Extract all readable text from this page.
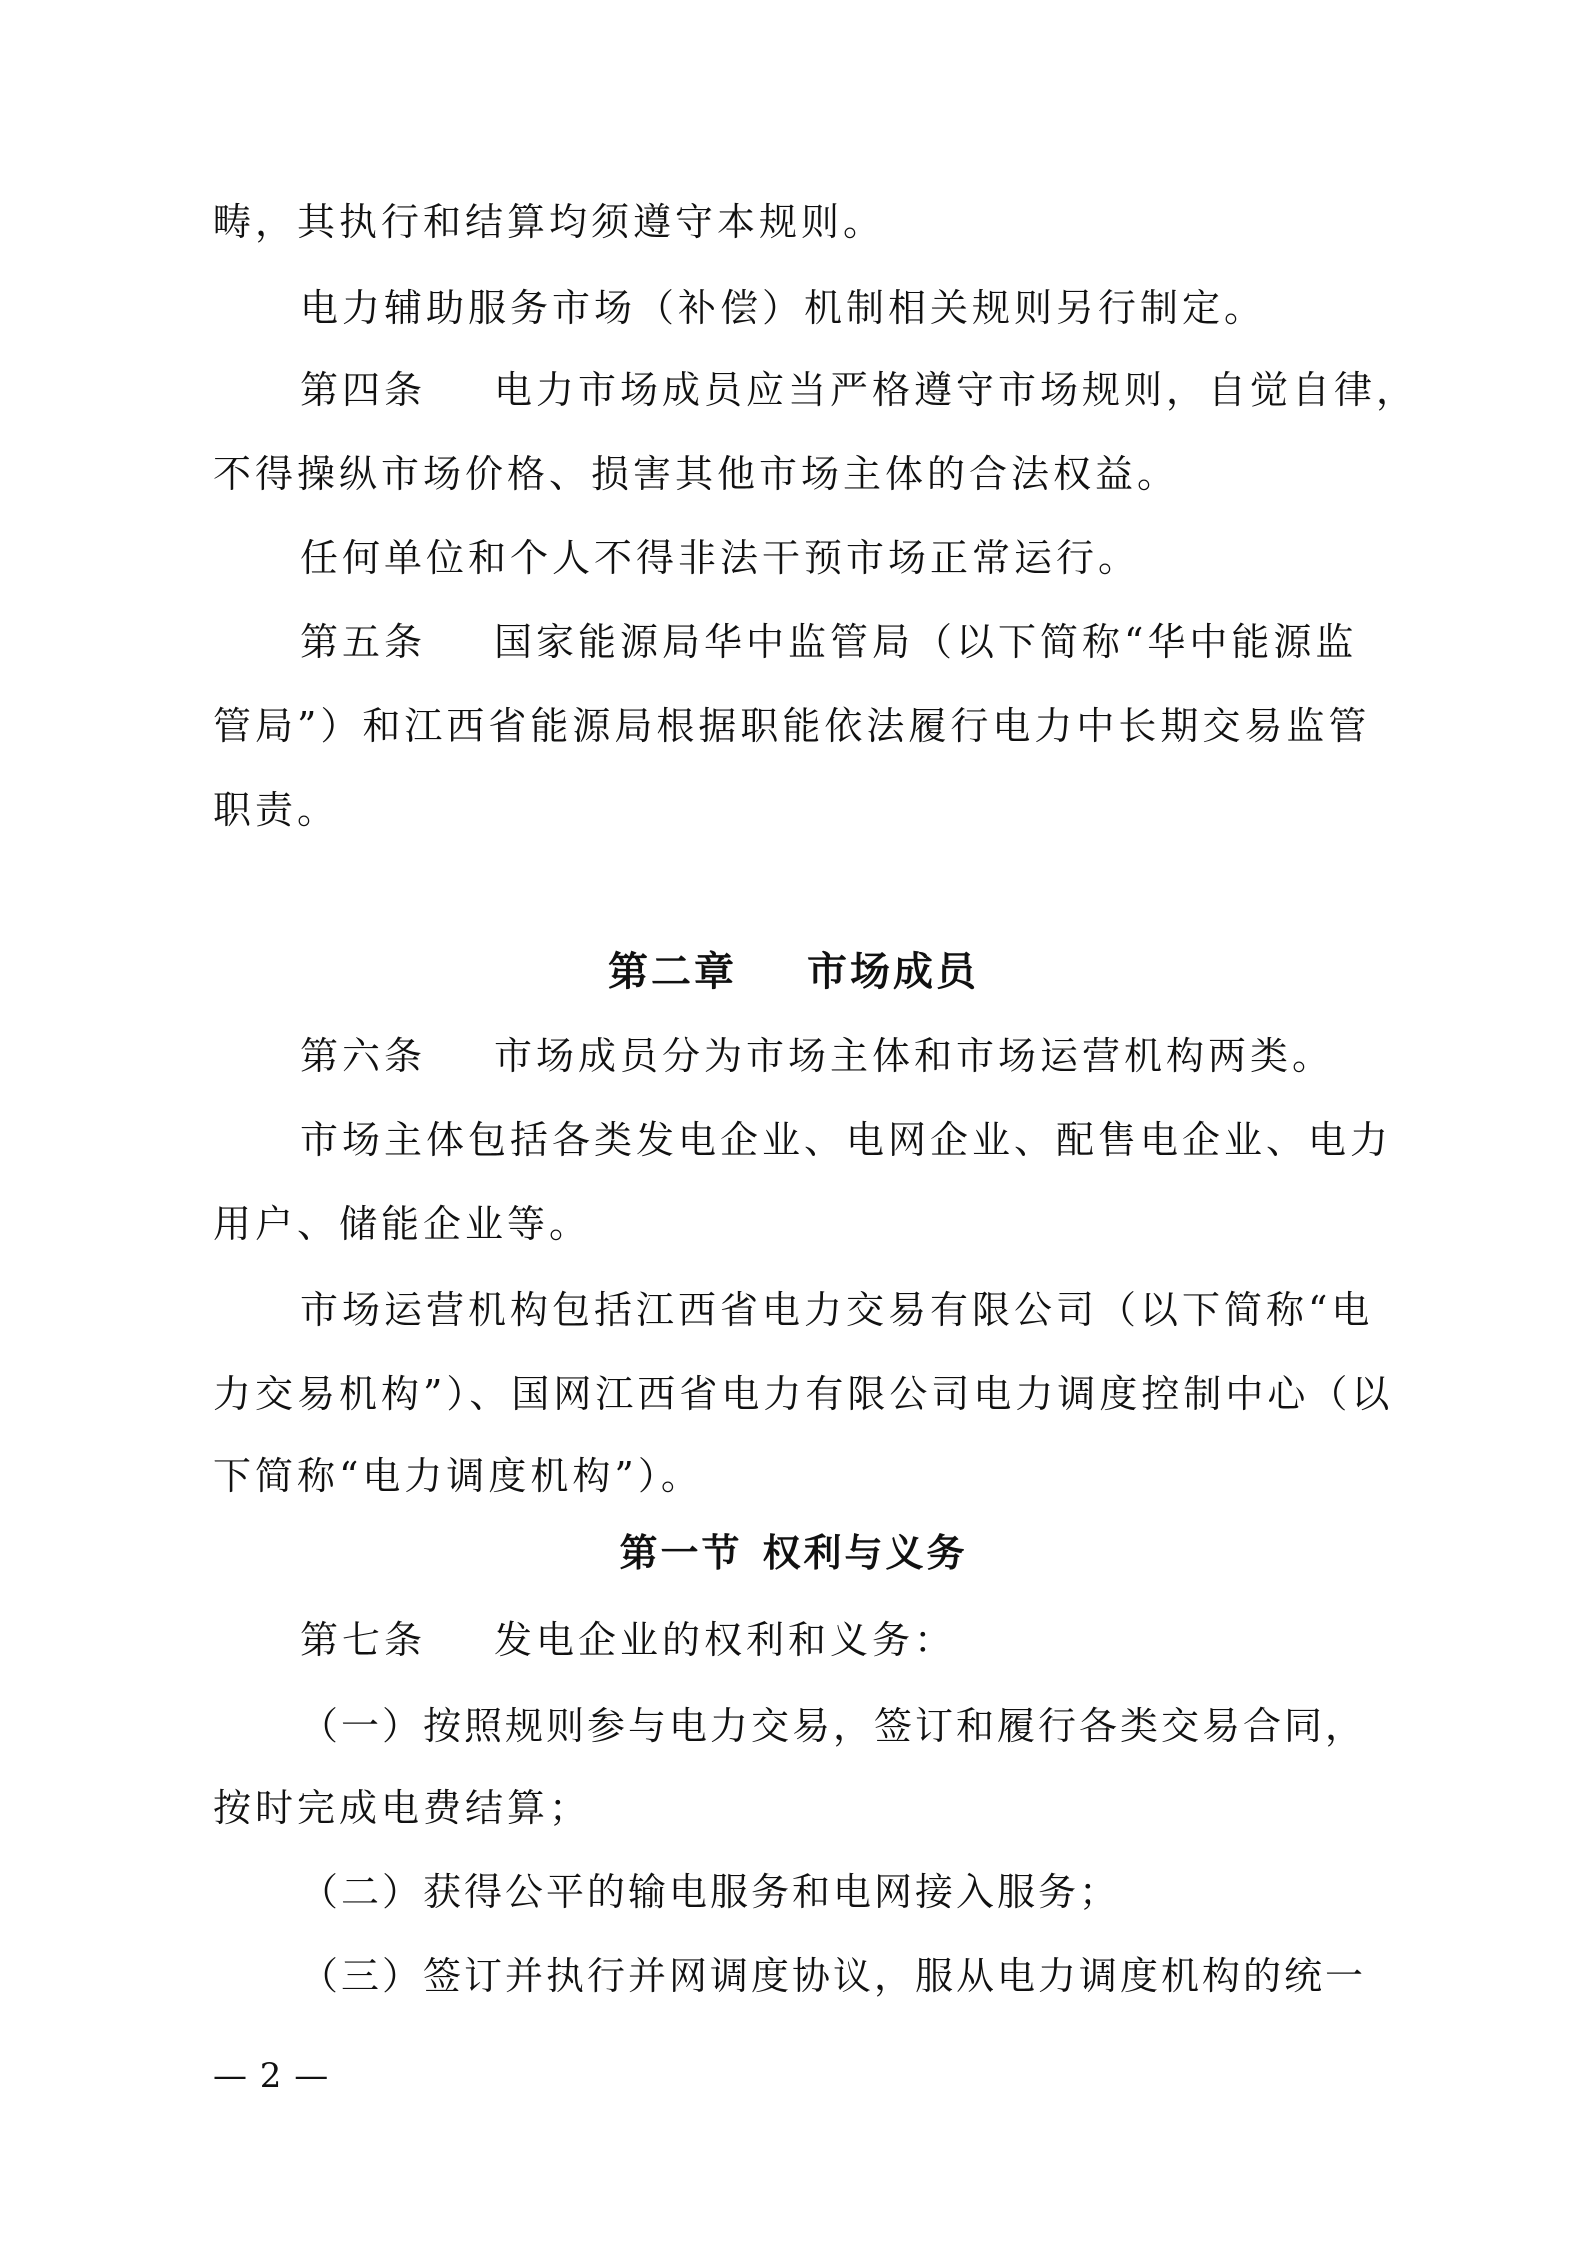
畴，其执行和结算均须遵守本规则。
电力辅助服务市场（补偿）机制相关规则另行制定。
第四条 电力市场成员应当严格遵守市场规则，自觉自律，
不得操纵市场价格、损害其他市场主体的合法权益。
任何单位和个人不得非法干预市场正常运行。
第五条 国家能源局华中监管局（以下简称“华中能源监
管局”）和江西省能源局根据职能依法履行电力中长期交易监管
职责。
第二章 市场成员
第六条 市场成员分为市场主体和市场运营机构两类。
市场主体包括各类发电企业、电网企业、配售电企业、电力
用户、储能企业等。
市场运营机构包括江西省电力交易有限公司（以下简称“电
力交易机构”）、国网江西省电力有限公司电力调度控制中心（以
下简称“电力调度机构”）。
第一节 权利与义务
第七条 发电企业的权利和义务：
（一）按照规则参与电力交易，签订和履行各类交易合同，
按时完成电费结算；
（二）获得公平的输电服务和电网接入服务；
（三）签订并执行并网调度协议，服从电力调度机构的统一
— 2 —
